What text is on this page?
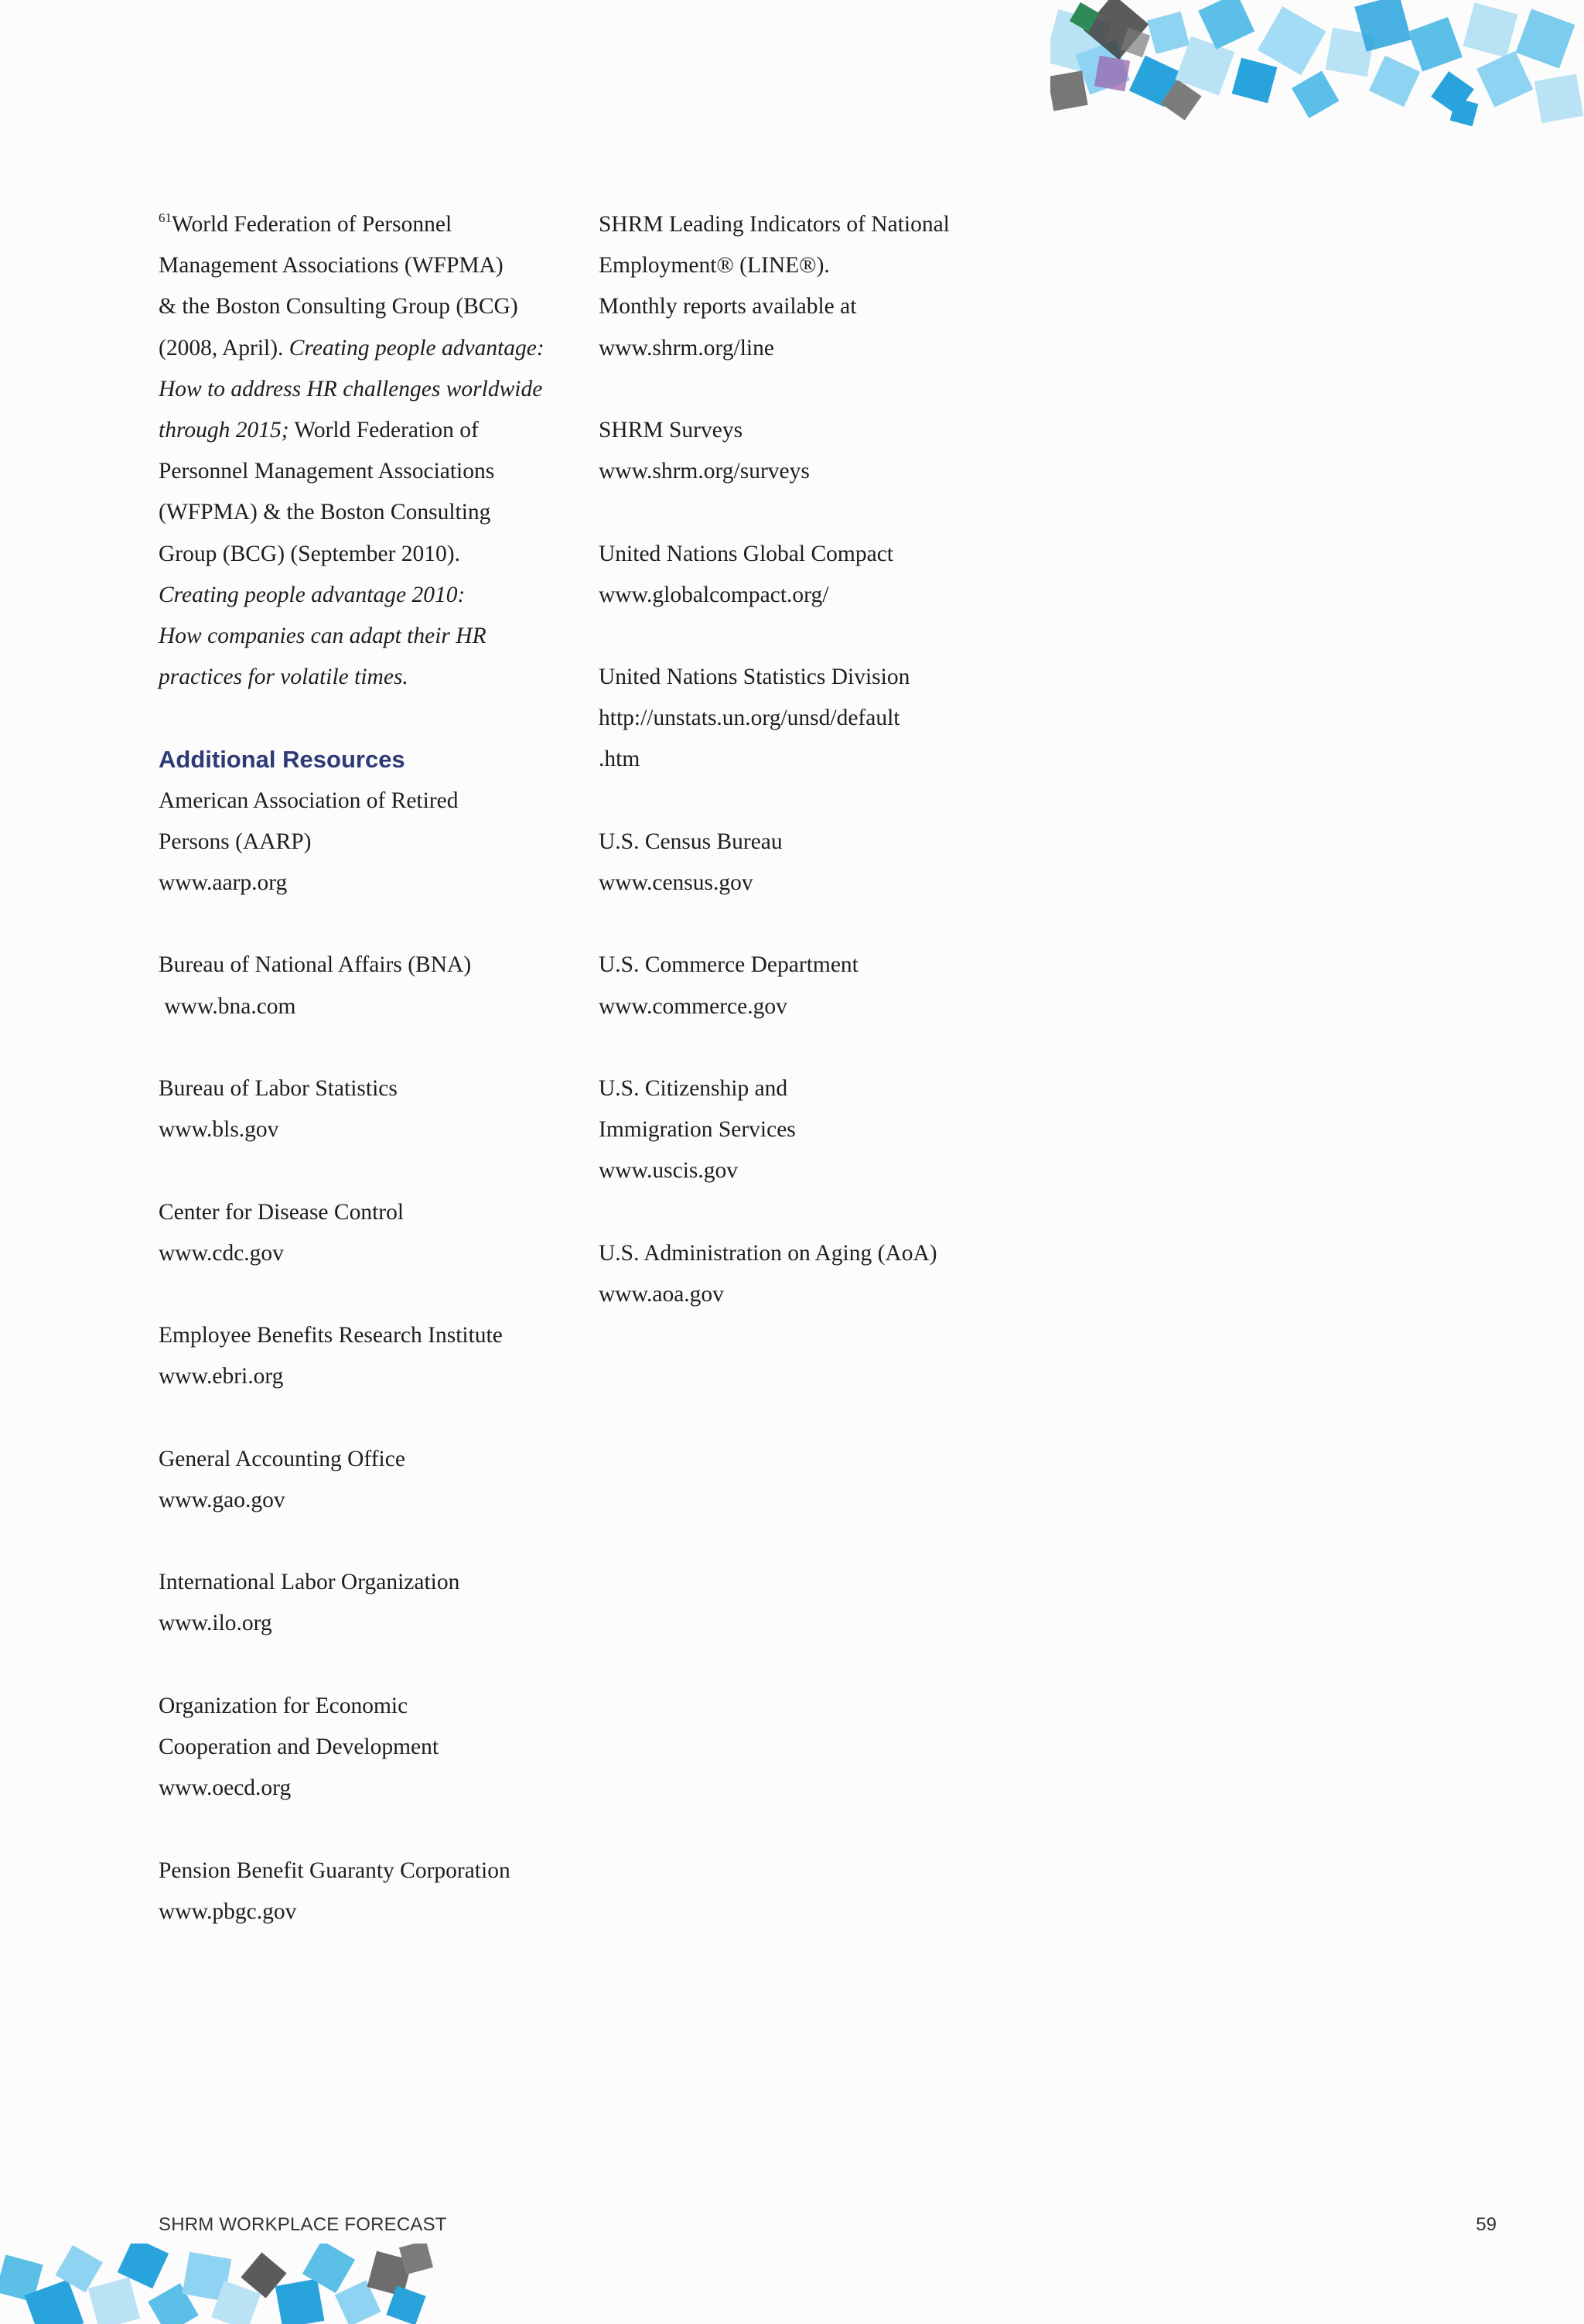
$^{61}$World Federation of Personnel
Management Associations (WFPMA)
& the Boston Consulting Group (BCG)
(2008, April). Creating people advantage:
How to address HR challenges worldwide
through 2015; World Federation of
Personnel Management Associations
(WFPMA) & the Boston Consulting
Group (BCG) (September 2010).
Creating people advantage 2010:
How companies can adapt their HR
practices for volatile times.
Additional Resources
American Association of Retired
Persons (AARP)
www.aarp.org
Bureau of National Affairs (BNA)
www.bna.com
Bureau of Labor Statistics
www.bls.gov
Center for Disease Control
www.cdc.gov
Employee Benefits Research Institute
www.ebri.org
General Accounting Office
www.gao.gov
International Labor Organization
www.ilo.org
Organization for Economic
Cooperation and Development
www.oecd.org
Pension Benefit Guaranty Corporation
www.pbgc.gov
SHRM Leading Indicators of National
Employment® (LINE®).
Monthly reports available at
www.shrm.org/line
SHRM Surveys
www.shrm.org/surveys
United Nations Global Compact
www.globalcompact.org/
United Nations Statistics Division
http://unstats.un.org/unsd/default
.htm
U.S. Census Bureau
www.census.gov
U.S. Commerce Department
www.commerce.gov
U.S. Citizenship and
Immigration Services
www.uscis.gov
U.S. Administration on Aging (AoA)
www.aoa.gov
SHRM WORKPLACE FORECAST	59
